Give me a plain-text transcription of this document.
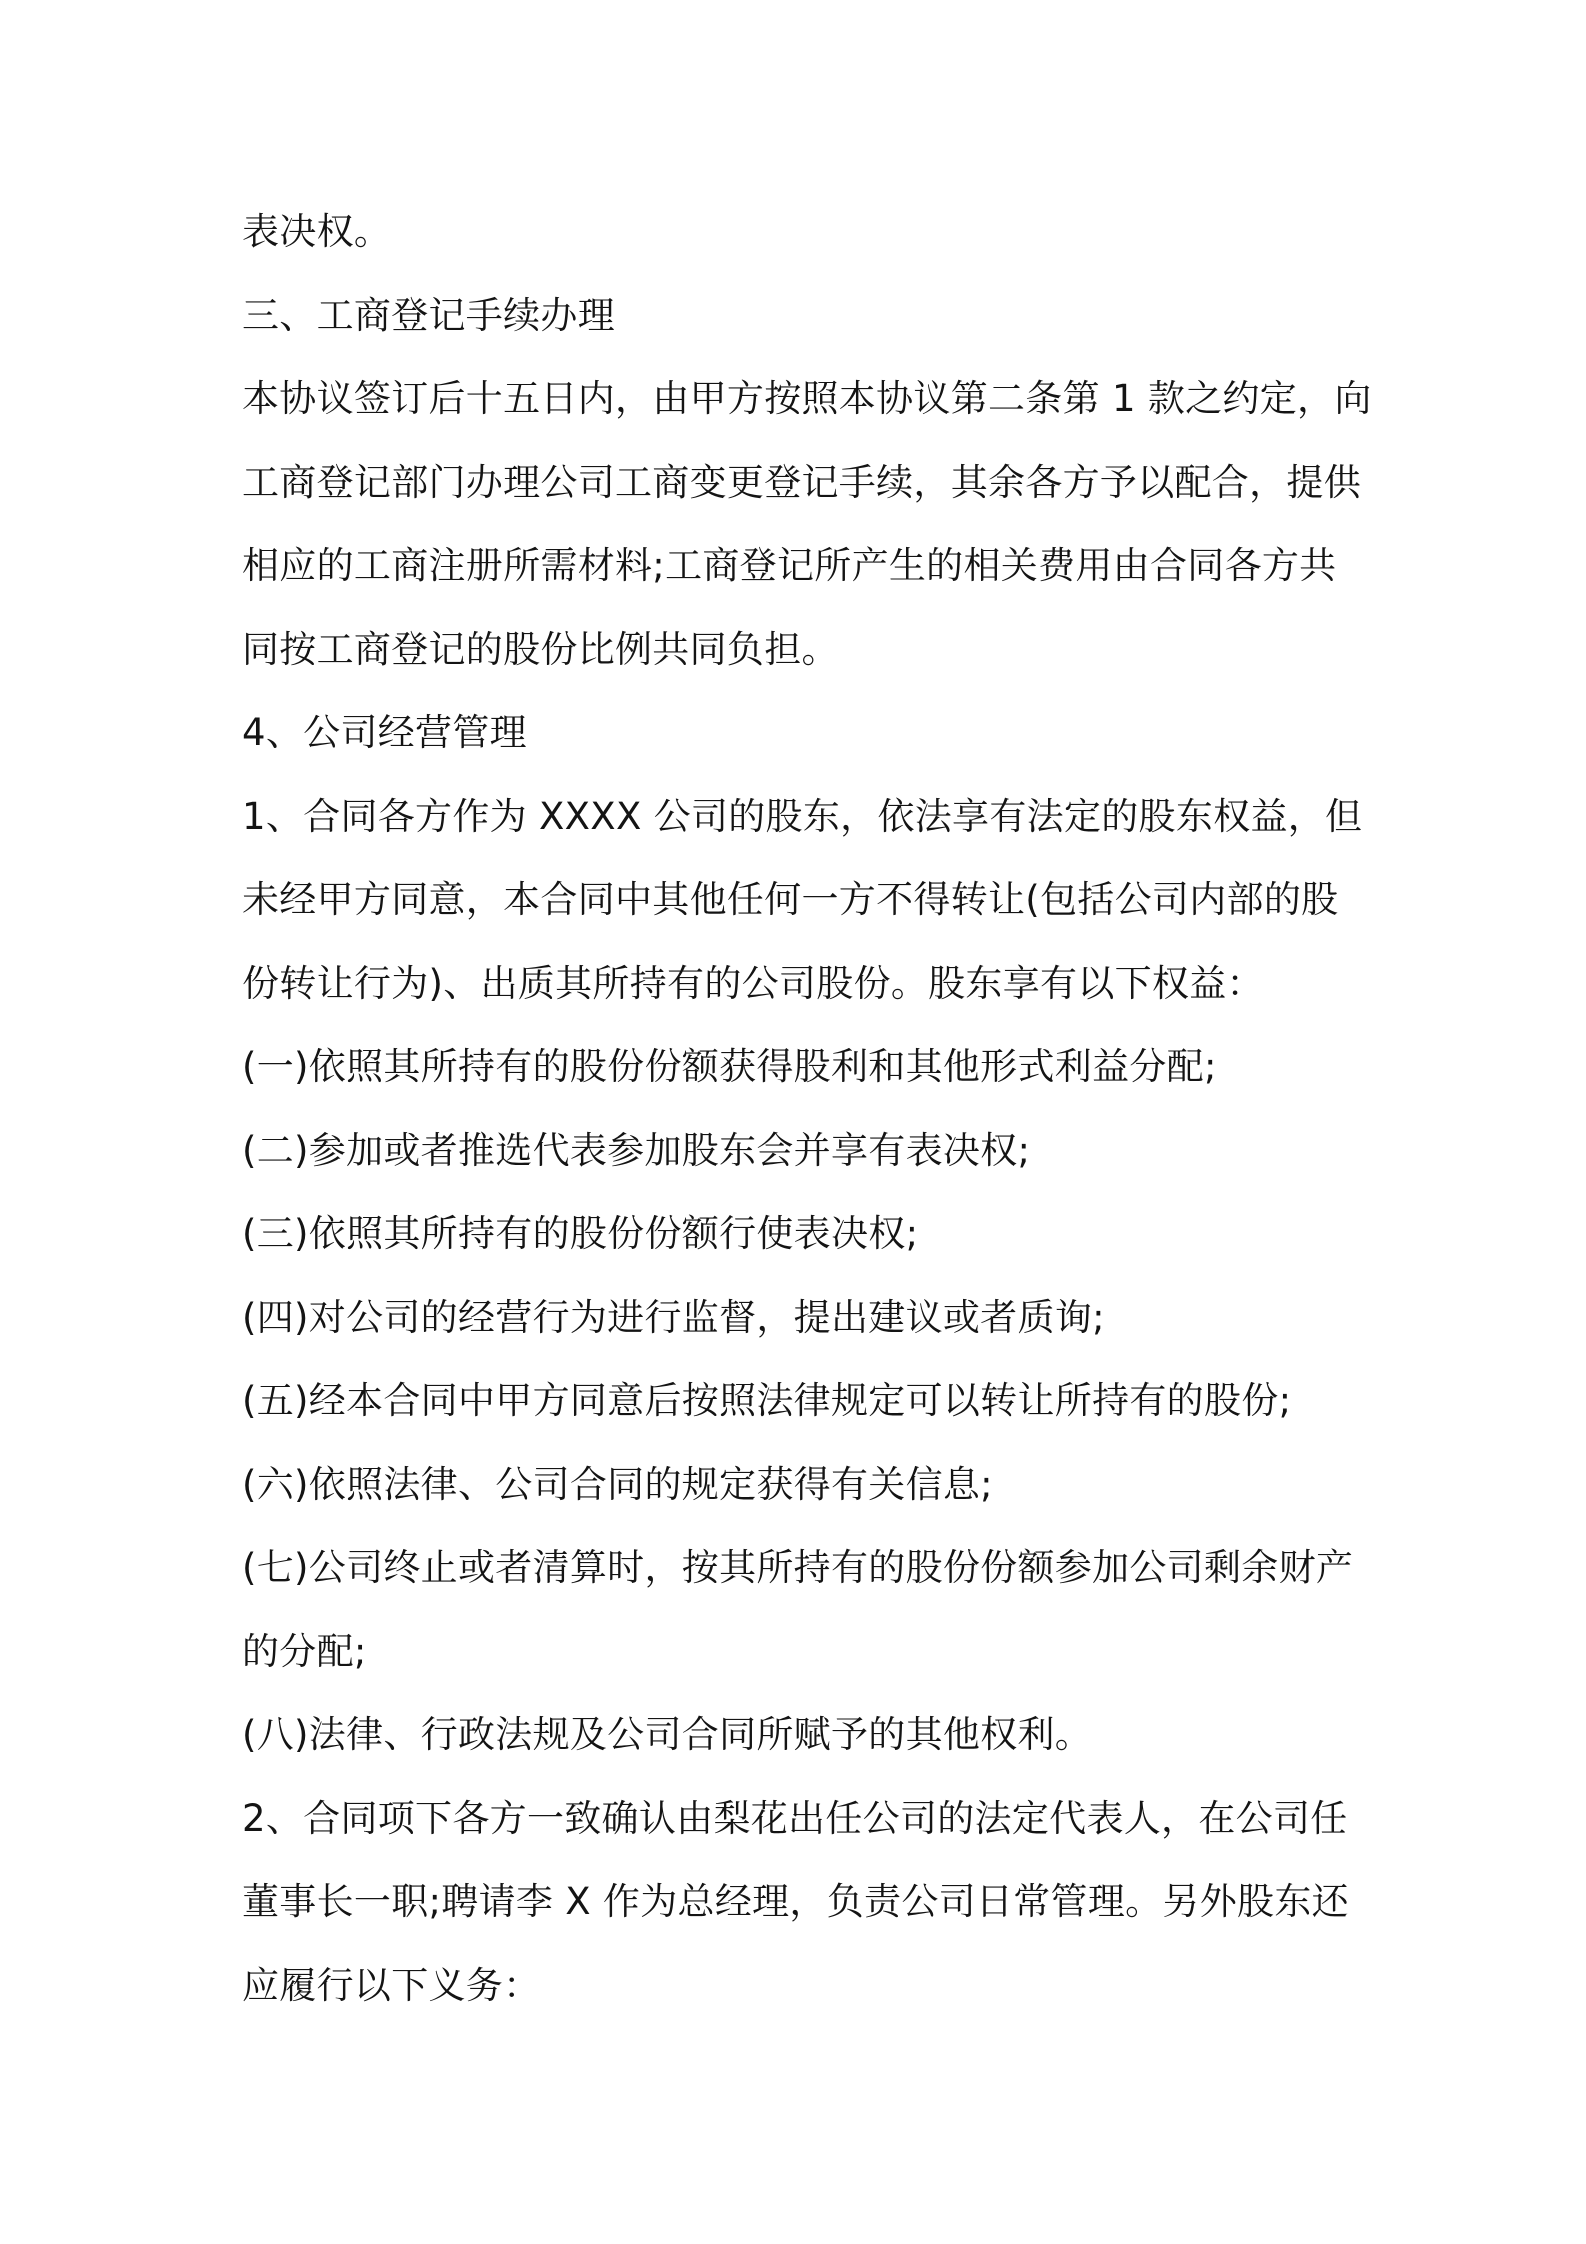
表决权。

三、工商登记手续办理

本协议签订后十五日内，由甲方按照本协议第二条第 1 款之约定，向

工商登记部门办理公司工商变更登记手续，其余各方予以配合，提供

相应的工商注册所需材料;工商登记所产生的相关费用由合同各方共

同按工商登记的股份比例共同负担。

4、公司经营管理

1、合同各方作为 XXXX 公司的股东，依法享有法定的股东权益，但

未经甲方同意，本合同中其他任何一方不得转让(包括公司内部的股

份转让行为)、出质其所持有的公司股份。股东享有以下权益：

(一)依照其所持有的股份份额获得股利和其他形式利益分配;

(二)参加或者推选代表参加股东会并享有表决权;

(三)依照其所持有的股份份额行使表决权;

(四)对公司的经营行为进行监督，提出建议或者质询;

(五)经本合同中甲方同意后按照法律规定可以转让所持有的股份;

(六)依照法律、公司合同的规定获得有关信息;

(七)公司终止或者清算时，按其所持有的股份份额参加公司剩余财产

的分配;

(八)法律、行政法规及公司合同所赋予的其他权利。

2、合同项下各方一致确认由梨花出任公司的法定代表人，在公司任

董事长一职;聘请李 X 作为总经理，负责公司日常管理。另外股东还

应履行以下义务：
